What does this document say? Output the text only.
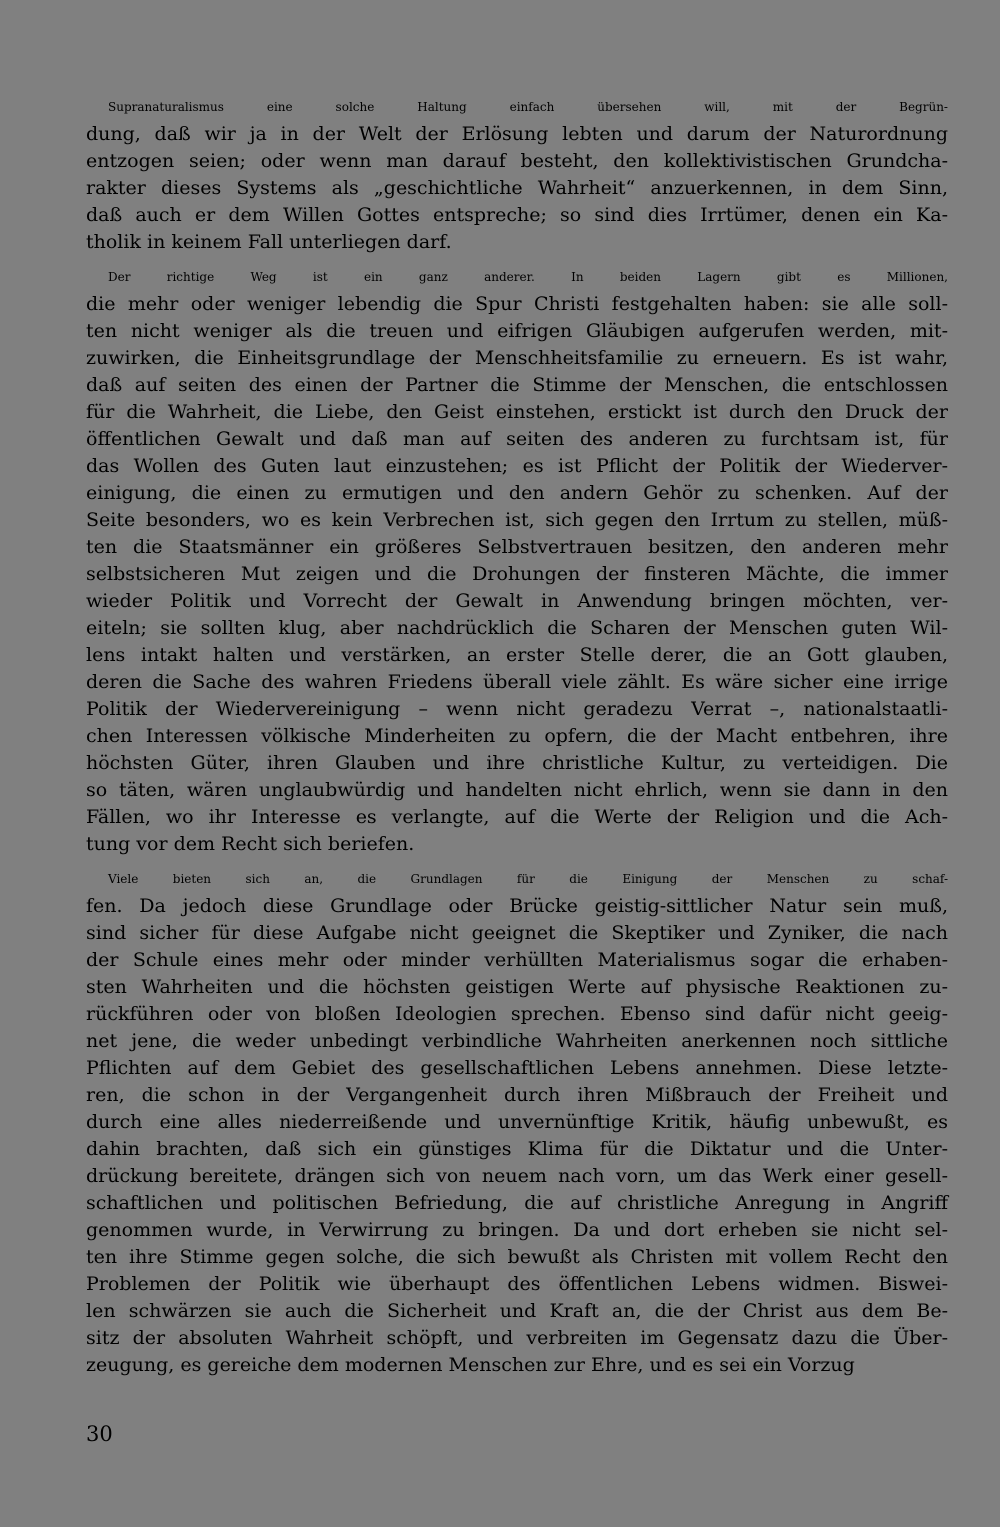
Supranaturalismus eine solche Haltung einfach übersehen will, mit der Begrün-
dung, daß wir ja in der Welt der Erlösung lebten und darum der Naturordnung
entzogen seien; oder wenn man darauf besteht, den kollektivistischen Grundcha-
rakter dieses Systems als „geschichtliche Wahrheit“ anzuerkennen, in dem Sinn,
daß auch er dem Willen Gottes entspreche; so sind dies Irrtümer, denen ein Ka-
tholik in keinem Fall unterliegen darf.
Der richtige Weg ist ein ganz anderer. In beiden Lagern gibt es Millionen,
die mehr oder weniger lebendig die Spur Christi festgehalten haben: sie alle soll-
ten nicht weniger als die treuen und eifrigen Gläubigen aufgerufen werden, mit-
zuwirken, die Einheitsgrundlage der Menschheitsfamilie zu erneuern. Es ist wahr,
daß auf seiten des einen der Partner die Stimme der Menschen, die entschlossen
für die Wahrheit, die Liebe, den Geist einstehen, erstickt ist durch den Druck der
öffentlichen Gewalt und daß man auf seiten des anderen zu furchtsam ist, für
das Wollen des Guten laut einzustehen; es ist Pflicht der Politik der Wiederver-
einigung, die einen zu ermutigen und den andern Gehör zu schenken. Auf der
Seite besonders, wo es kein Verbrechen ist, sich gegen den Irrtum zu stellen, müß-
ten die Staatsmänner ein größeres Selbstvertrauen besitzen, den anderen mehr
selbstsicheren Mut zeigen und die Drohungen der finsteren Mächte, die immer
wieder Politik und Vorrecht der Gewalt in Anwendung bringen möchten, ver-
eiteln; sie sollten klug, aber nachdrücklich die Scharen der Menschen guten Wil-
lens intakt halten und verstärken, an erster Stelle derer, die an Gott glauben,
deren die Sache des wahren Friedens überall viele zählt. Es wäre sicher eine irrige
Politik der Wiedervereinigung – wenn nicht geradezu Verrat –, nationalstaatli-
chen Interessen völkische Minderheiten zu opfern, die der Macht entbehren, ihre
höchsten Güter, ihren Glauben und ihre christliche Kultur, zu verteidigen. Die
so täten, wären unglaubwürdig und handelten nicht ehrlich, wenn sie dann in den
Fällen, wo ihr Interesse es verlangte, auf die Werte der Religion und die Ach-
tung vor dem Recht sich beriefen.
Viele bieten sich an, die Grundlagen für die Einigung der Menschen zu schaf-
fen. Da jedoch diese Grundlage oder Brücke geistig-sittlicher Natur sein muß,
sind sicher für diese Aufgabe nicht geeignet die Skeptiker und Zyniker, die nach
der Schule eines mehr oder minder verhüllten Materialismus sogar die erhaben-
sten Wahrheiten und die höchsten geistigen Werte auf physische Reaktionen zu-
rückführen oder von bloßen Ideologien sprechen. Ebenso sind dafür nicht geeig-
net jene, die weder unbedingt verbindliche Wahrheiten anerkennen noch sittliche
Pflichten auf dem Gebiet des gesellschaftlichen Lebens annehmen. Diese letzte-
ren, die schon in der Vergangenheit durch ihren Mißbrauch der Freiheit und
durch eine alles niederreißende und unvernünftige Kritik, häufig unbewußt, es
dahin brachten, daß sich ein günstiges Klima für die Diktatur und die Unter-
drückung bereitete, drängen sich von neuem nach vorn, um das Werk einer gesell-
schaftlichen und politischen Befriedung, die auf christliche Anregung in Angriff
genommen wurde, in Verwirrung zu bringen. Da und dort erheben sie nicht sel-
ten ihre Stimme gegen solche, die sich bewußt als Christen mit vollem Recht den
Problemen der Politik wie überhaupt des öffentlichen Lebens widmen. Biswei-
len schwärzen sie auch die Sicherheit und Kraft an, die der Christ aus dem Be-
sitz der absoluten Wahrheit schöpft, und verbreiten im Gegensatz dazu die Über-
zeugung, es gereiche dem modernen Menschen zur Ehre, und es sei ein Vorzug
30
